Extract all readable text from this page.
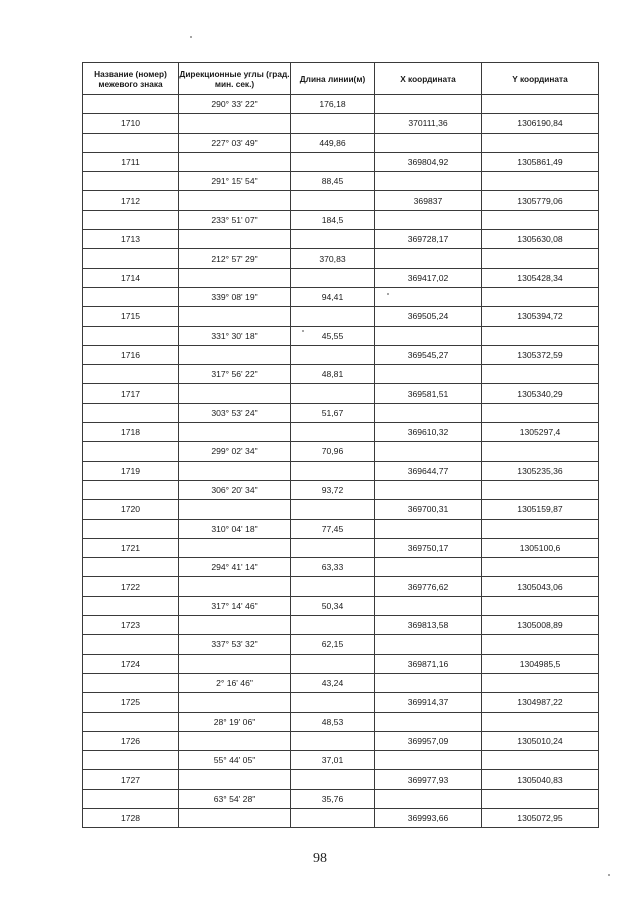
Название (номер) межевого знака	Дирекционные углы (град. мин. сек.)	Длина линии(м)	X координата	Y координата
	290° 33' 22"	176,18		
1710			370111,36	1306190,84
	227° 03' 49"	449,86		
1711			369804,92	1305861,49
	291° 15' 54"	88,45		
1712			369837	1305779,06
	233° 51' 07"	184,5		
1713			369728,17	1305630,08
	212° 57' 29"	370,83		
1714			369417,02	1305428,34
	339° 08' 19"	94,41		
1715			369505,24	1305394,72
	331° 30' 18"	45,55		
1716			369545,27	1305372,59
	317° 56' 22"	48,81		
1717			369581,51	1305340,29
	303° 53' 24"	51,67		
1718			369610,32	1305297,4
	299° 02' 34"	70,96		
1719			369644,77	1305235,36
	306° 20' 34"	93,72		
1720			369700,31	1305159,87
	310° 04' 18"	77,45		
1721			369750,17	1305100,6
	294° 41' 14"	63,33		
1722			369776,62	1305043,06
	317° 14' 46"	50,34		
1723			369813,58	1305008,89
	337° 53' 32"	62,15		
1724			369871,16	1304985,5
	2° 16' 46"	43,24		
1725			369914,37	1304987,22
	28° 19' 06"	48,53		
1726			369957,09	1305010,24
	55° 44' 05"	37,01		
1727			369977,93	1305040,83
	63° 54' 28"	35,76		
1728			369993,66	1305072,95
98
